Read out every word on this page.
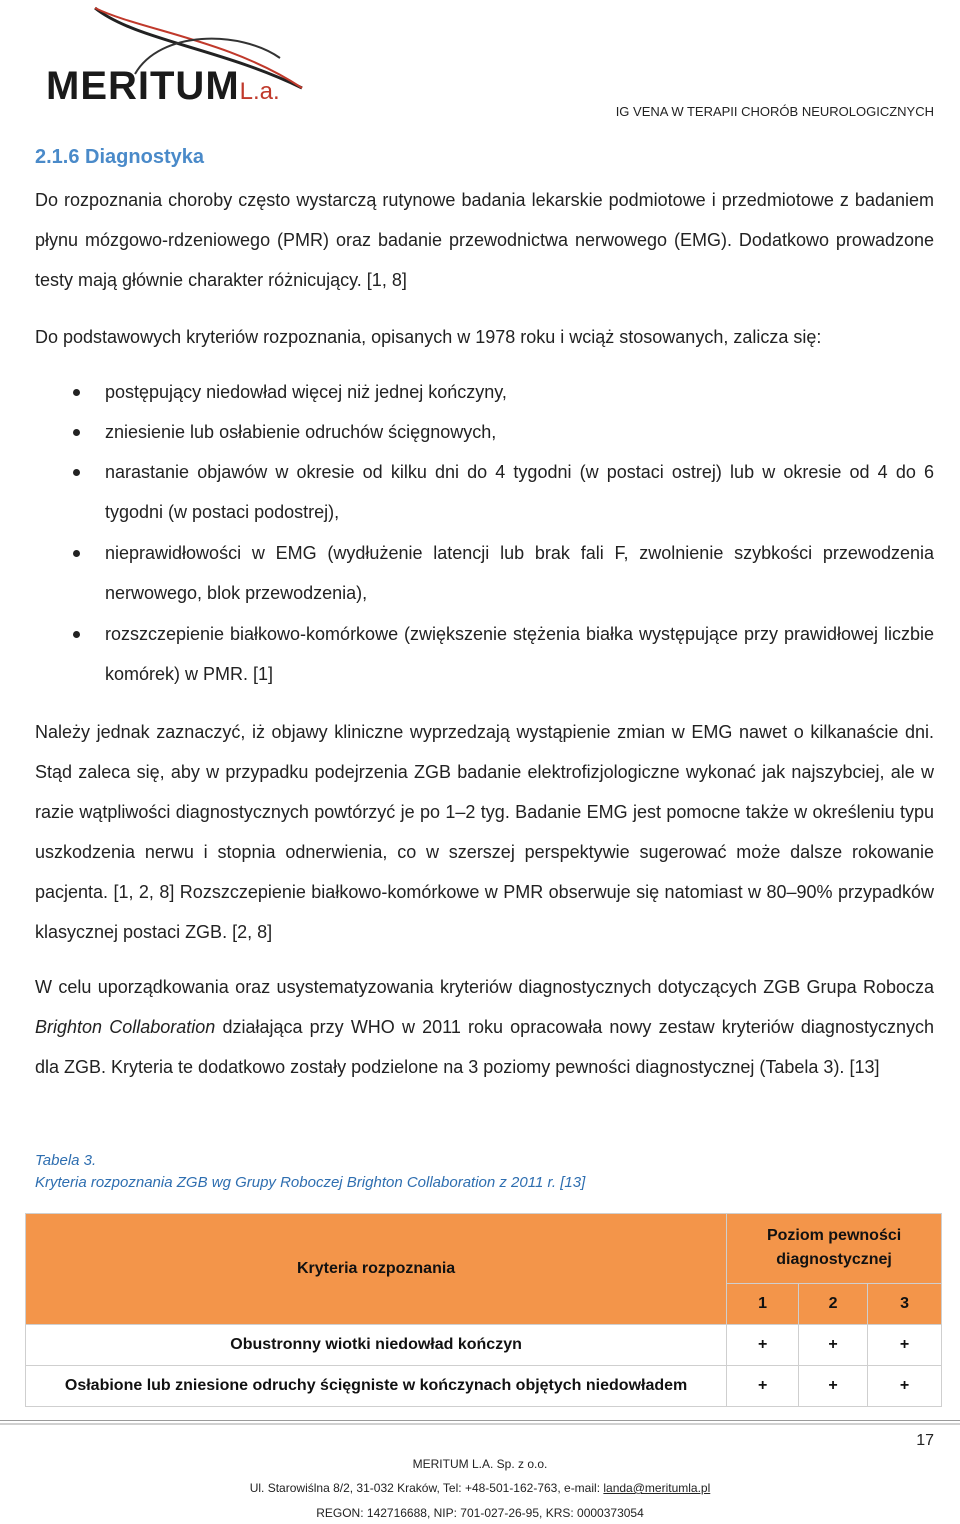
MERITUML.a.
IG VENA W TERAPII CHORÓB NEUROLOGICZNYCH
2.1.6 Diagnostyka

Do rozpoznania choroby często wystarczą rutynowe badania lekarskie podmiotowe i przedmiotowe z badaniem płynu mózgowo-rdzeniowego (PMR) oraz badanie przewodnictwa nerwowego (EMG). Dodatkowo prowadzone testy mają głównie charakter różnicujący. [1, 8]

Do podstawowych kryteriów rozpoznania, opisanych w 1978 roku i wciąż stosowanych, zalicza się:

postępujący niedowład więcej niż jednej kończyny,
zniesienie lub osłabienie odruchów ścięgnowych,
narastanie objawów w okresie od kilku dni do 4 tygodni (w postaci ostrej) lub w okresie od 4 do 6 tygodni (w postaci podostrej),
nieprawidłowości w EMG (wydłużenie latencji lub brak fali F, zwolnienie szybkości przewodzenia nerwowego, blok przewodzenia),
rozszczepienie białkowo-komórkowe (zwiększenie stężenia białka występujące przy prawidłowej liczbie komórek) w PMR. [1]

Należy jednak zaznaczyć, iż objawy kliniczne wyprzedzają wystąpienie zmian w EMG nawet o kilkanaście dni. Stąd zaleca się, aby w przypadku podejrzenia ZGB badanie elektrofizjologiczne wykonać jak najszybciej, ale w razie wątpliwości diagnostycznych powtórzyć je po 1–2 tyg. Badanie EMG jest pomocne także w określeniu typu uszkodzenia nerwu i stopnia odnerwienia, co w szerszej perspektywie sugerować może dalsze rokowanie pacjenta. [1, 2, 8] Rozszczepienie białkowo-komórkowe w PMR obserwuje się natomiast w 80–90% przypadków klasycznej postaci ZGB. [2, 8]

W celu uporządkowania oraz usystematyzowania kryteriów diagnostycznych dotyczących ZGB Grupa Robocza Brighton Collaboration działająca przy WHO w 2011 roku opracowała nowy zestaw kryteriów diagnostycznych dla ZGB. Kryteria te dodatkowo zostały podzielone na 3 poziomy pewności diagnostycznej (Tabela 3). [13]

Tabela 3.
Kryteria rozpoznania ZGB wg Grupy Roboczej Brighton Collaboration z 2011 r. [13]
Kryteria rozpoznania	Poziom pewności diagnostycznej		
	1	2	3
Obustronny wiotki niedowład kończyn	+	+	+
Osłabione lub zniesione odruchy ścięgniste w kończynach objętych niedowładem	+	+	+
17
MERITUM L.A. Sp. z o.o.
Ul. Starowiślna 8/2, 31-032 Kraków, Tel: +48-501-162-763, e-mail: landa@meritumla.pl
REGON: 142716688, NIP: 701-027-26-95, KRS: 0000373054
